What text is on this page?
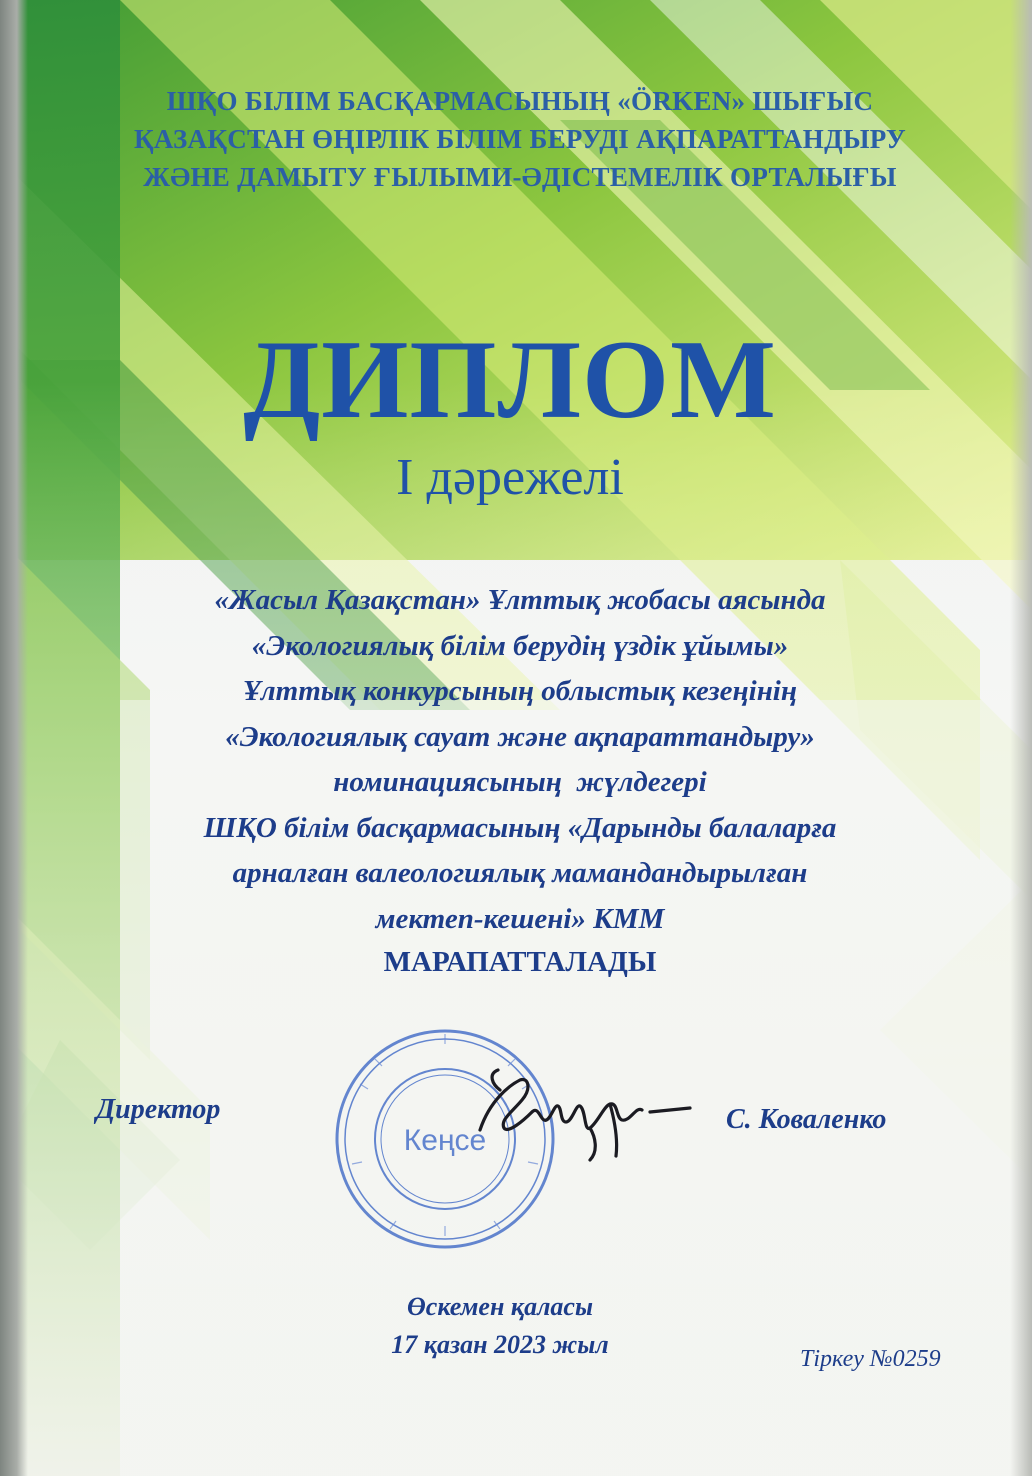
ШҚО БІЛІМ БАСҚАРМАСЫНЫҢ «ÖRKEN» ШЫҒЫС
ҚАЗАҚСТАН ӨҢІРЛІК БІЛІМ БЕРУДІ АҚПАРАТТАНДЫРУ
ЖӘНЕ ДАМЫТУ ҒЫЛЫМИ-ӘДІСТЕМЕЛІК ОРТАЛЫҒЫ
ДИПЛОМ
І дәрежелі
«Жасыл Қазақстан» Ұлттық жобасы аясында
«Экологиялық білім берудің үздік ұйымы»
Ұлттық конкурсының облыстық кезеңінің
«Экологиялық сауат және ақпараттандыру»
номинациясының  жүлдегері
ШҚО білім басқармасының «Дарынды балаларға
арналған валеологиялық мамандандырылған
мектеп-кешені» КММ
МАРАПАТТАЛАДЫ
Директор	С. Коваленко
Кеңсе
Өскемен қаласы
17 қазан 2023 жыл	Тіркеу №0259
